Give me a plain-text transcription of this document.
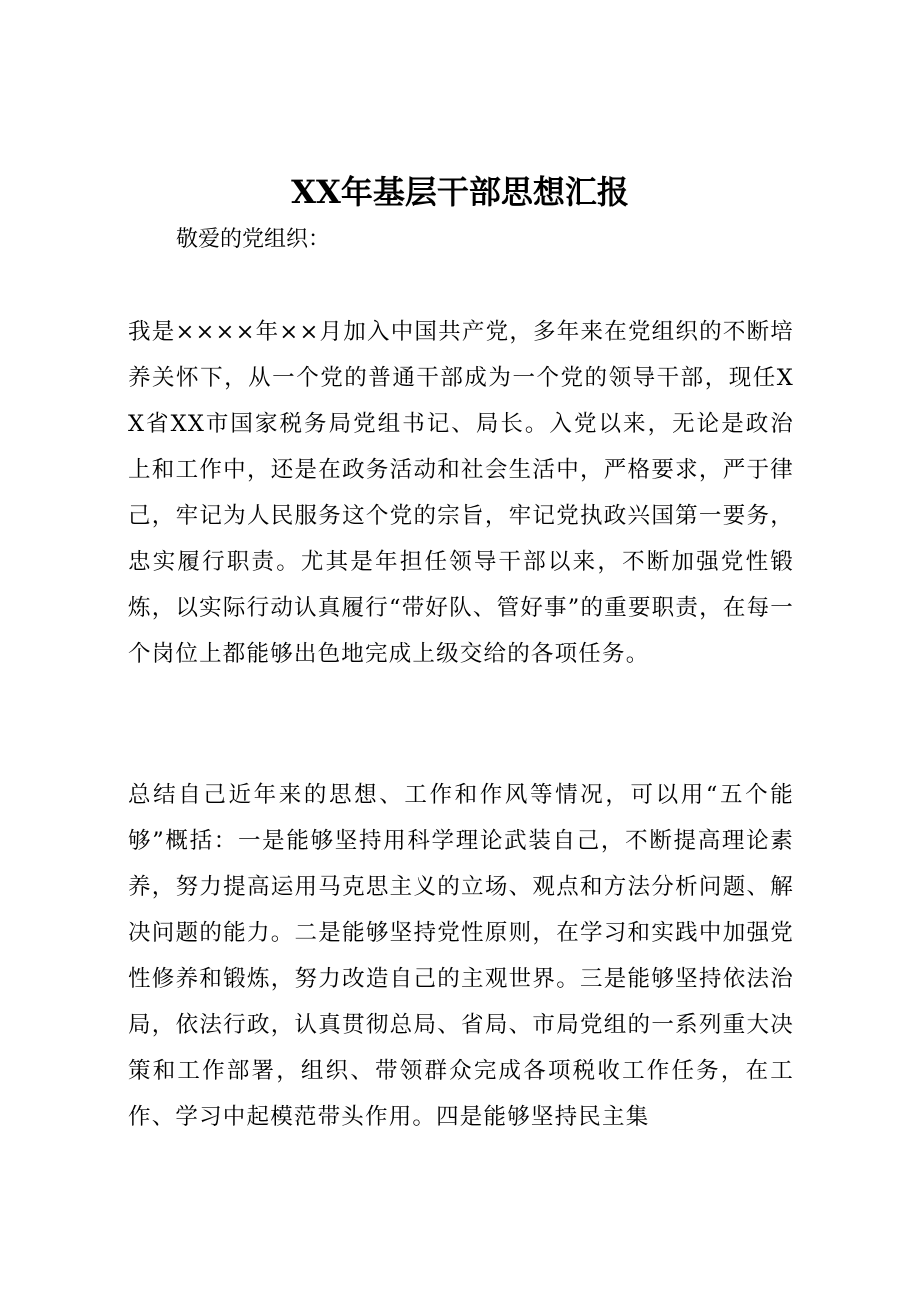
XX年基层干部思想汇报

敬爱的党组织：

我是××××年××月加入中国共产党，多年来在党组织的不断培养关怀下，从一个党的普通干部成为一个党的领导干部，现任XX省XX市国家税务局党组书记、局长。入党以来，无论是政治上和工作中，还是在政务活动和社会生活中，严格要求，严于律己，牢记为人民服务这个党的宗旨，牢记党执政兴国第一要务，忠实履行职责。尤其是年担任领导干部以来，不断加强党性锻炼，以实际行动认真履行“带好队、管好事”的重要职责，在每一个岗位上都能够出色地完成上级交给的各项任务。

总结自己近年来的思想、工作和作风等情况，可以用“五个能够”概括：一是能够坚持用科学理论武装自己，不断提高理论素养，努力提高运用马克思主义的立场、观点和方法分析问题、解决问题的能力。二是能够坚持党性原则，在学习和实践中加强党性修养和锻炼，努力改造自己的主观世界。三是能够坚持依法治局，依法行政，认真贯彻总局、省局、市局党组的一系列重大决策和工作部署，组织、带领群众完成各项税收工作任务，在工作、学习中起模范带头作用。四是能够坚持民主集
